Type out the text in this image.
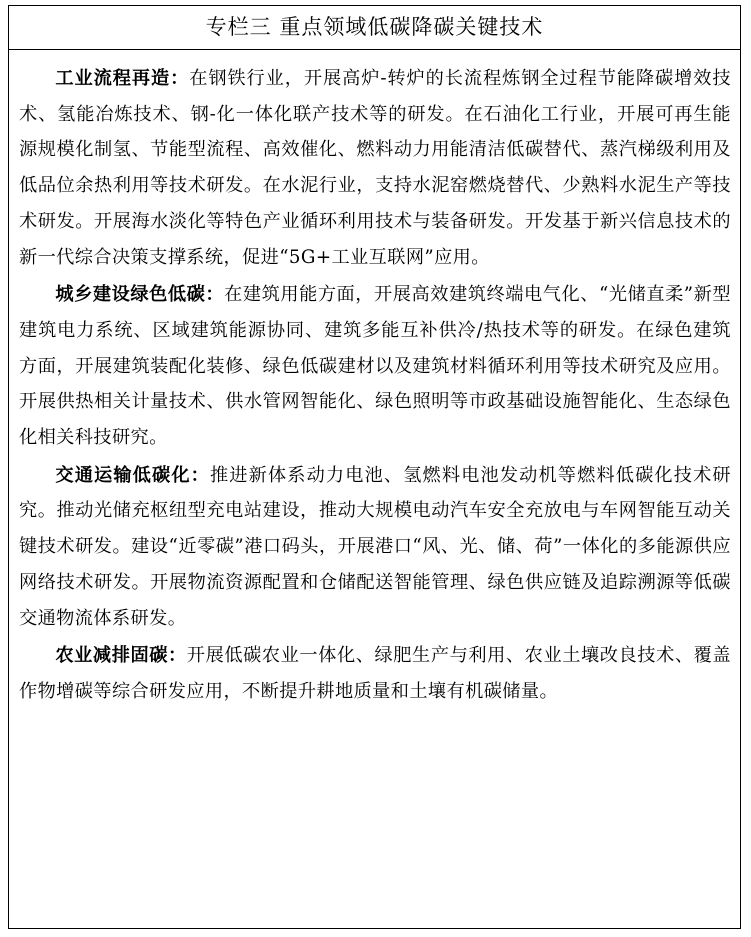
专栏三 重点领域低碳降碳关键技术

工业流程再造：在钢铁行业，开展高炉-转炉的长流程炼钢全过程节能降碳增效技术、氢能冶炼技术、钢-化一体化联产技术等的研发。在石油化工行业，开展可再生能源规模化制氢、节能型流程、高效催化、燃料动力用能清洁低碳替代、蒸汽梯级利用及低品位余热利用等技术研发。在水泥行业，支持水泥窑燃烧替代、少熟料水泥生产等技术研发。开展海水淡化等特色产业循环利用技术与装备研发。开发基于新兴信息技术的新一代综合决策支撑系统，促进“5G+工业互联网”应用。

城乡建设绿色低碳：在建筑用能方面，开展高效建筑终端电气化、“光储直柔”新型建筑电力系统、区域建筑能源协同、建筑多能互补供冷/热技术等的研发。在绿色建筑方面，开展建筑装配化装修、绿色低碳建材以及建筑材料循环利用等技术研究及应用。开展供热相关计量技术、供水管网智能化、绿色照明等市政基础设施智能化、生态绿色化相关科技研究。

交通运输低碳化：推进新体系动力电池、氢燃料电池发动机等燃料低碳化技术研究。推动光储充枢纽型充电站建设，推动大规模电动汽车安全充放电与车网智能互动关键技术研发。建设“近零碳”港口码头，开展港口“风、光、储、荷”一体化的多能源供应网络技术研发。开展物流资源配置和仓储配送智能管理、绿色供应链及追踪溯源等低碳交通物流体系研发。

农业减排固碳：开展低碳农业一体化、绿肥生产与利用、农业土壤改良技术、覆盖作物增碳等综合研发应用，不断提升耕地质量和土壤有机碳储量。
